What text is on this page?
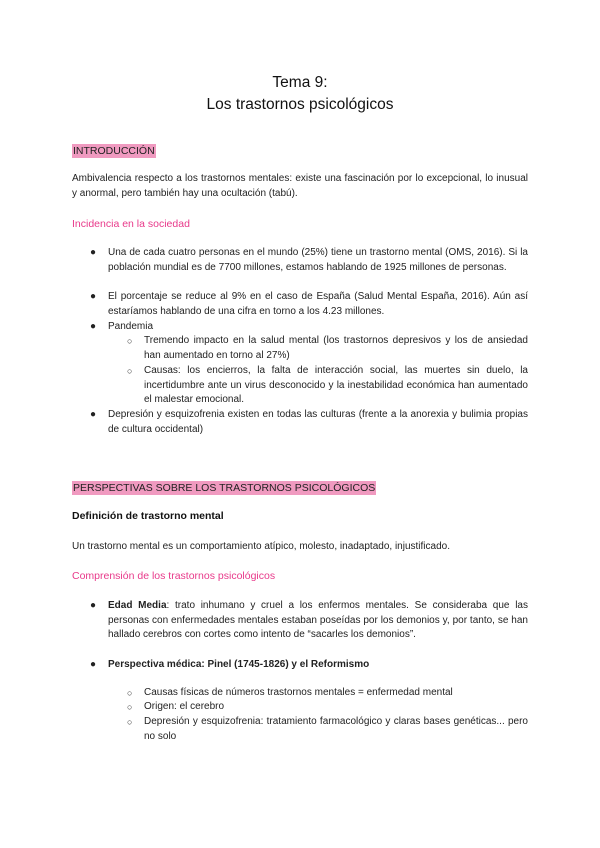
Tema 9:
Los trastornos psicológicos
INTRODUCCIÓN
Ambivalencia respecto a los trastornos mentales: existe una fascinación por lo excepcional, lo inusual y anormal, pero también hay una ocultación (tabú).
Incidencia en la sociedad
● Una de cada cuatro personas en el mundo (25%) tiene un trastorno mental (OMS, 2016). Si la población mundial es de 7700 millones, estamos hablando de 1925 millones de personas.
● El porcentaje se reduce al 9% en el caso de España (Salud Mental España, 2016). Aún así estaríamos hablando de una cifra en torno a los 4.23 millones.
● Pandemia
○ Tremendo impacto en la salud mental (los trastornos depresivos y los de ansiedad han aumentado en torno al 27%)
○ Causas: los encierros, la falta de interacción social, las muertes sin duelo, la incertidumbre ante un virus desconocido y la inestabilidad económica han aumentado el malestar emocional.
● Depresión y esquizofrenia existen en todas las culturas (frente a la anorexia y bulimia propias de cultura occidental)
PERSPECTIVAS SOBRE LOS TRASTORNOS PSICOLÓGICOS
Definición de trastorno mental
Un trastorno mental es un comportamiento atípico, molesto, inadaptado, injustificado.
Comprensión de los trastornos psicológicos
● Edad Media: trato inhumano y cruel a los enfermos mentales. Se consideraba que las personas con enfermedades mentales estaban poseídas por los demonios y, por tanto, se han hallado cerebros con cortes como intento de “sacarles los demonios”.
● Perspectiva médica: Pinel (1745-1826) y el Reformismo
○ Causas físicas de números trastornos mentales = enfermedad mental
○ Origen: el cerebro
○ Depresión y esquizofrenia: tratamiento farmacológico y claras bases genéticas... pero no solo
